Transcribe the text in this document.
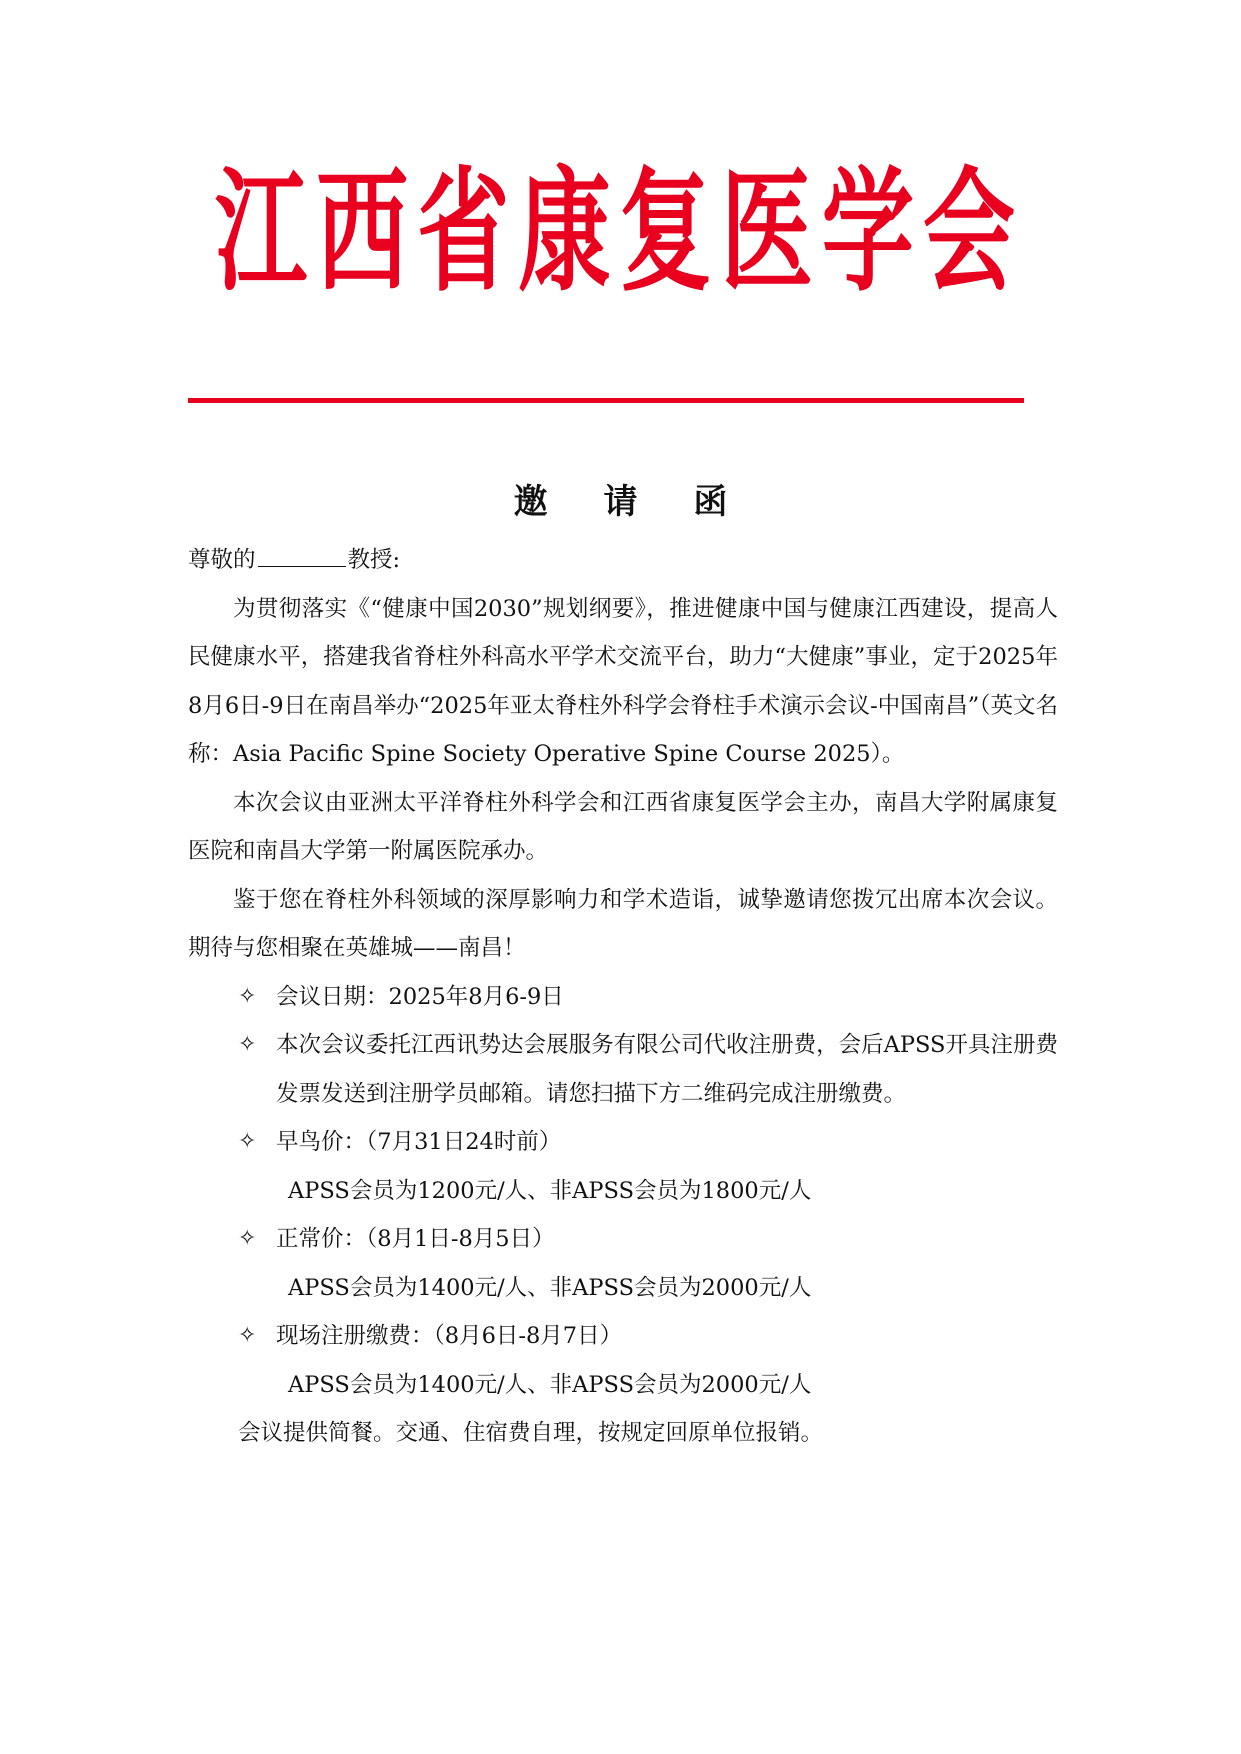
江 西 省 康 复 医 学 会
邀 请 函

尊敬的	教授:

为贯彻落实《“健康中国2030”规划纲要》，推进健康中国与健康江西建设，提高人民健康水平，搭建我省脊柱外科高水平学术交流平台，助力“大健康”事业，定于2025年8月6日-9日在南昌举办“2025年亚太脊柱外科学会脊柱手术演示会议-中国南昌”（英文名称：Asia Pacific Spine Society Operative Spine Course 2025）。

本次会议由亚洲太平洋脊柱外科学会和江西省康复医学会主办，南昌大学附属康复医院和南昌大学第一附属医院承办。

鉴于您在脊柱外科领域的深厚影响力和学术造诣，诚挚邀请您拨冗出席本次会议。期待与您相聚在英雄城——南昌！

✧ 会议日期：2025年8月6-9日
✧ 本次会议委托江西讯势达会展服务有限公司代收注册费，会后APSS开具注册费发票发送到注册学员邮箱。请您扫描下方二维码完成注册缴费。
✧ 早鸟价：（7月31日24时前）
APSS会员为1200元/人、非APSS会员为1800元/人
✧ 正常价：（8月1日-8月5日）
APSS会员为1400元/人、非APSS会员为2000元/人
✧ 现场注册缴费：（8月6日-8月7日）
APSS会员为1400元/人、非APSS会员为2000元/人
会议提供简餐。交通、住宿费自理，按规定回原单位报销。
